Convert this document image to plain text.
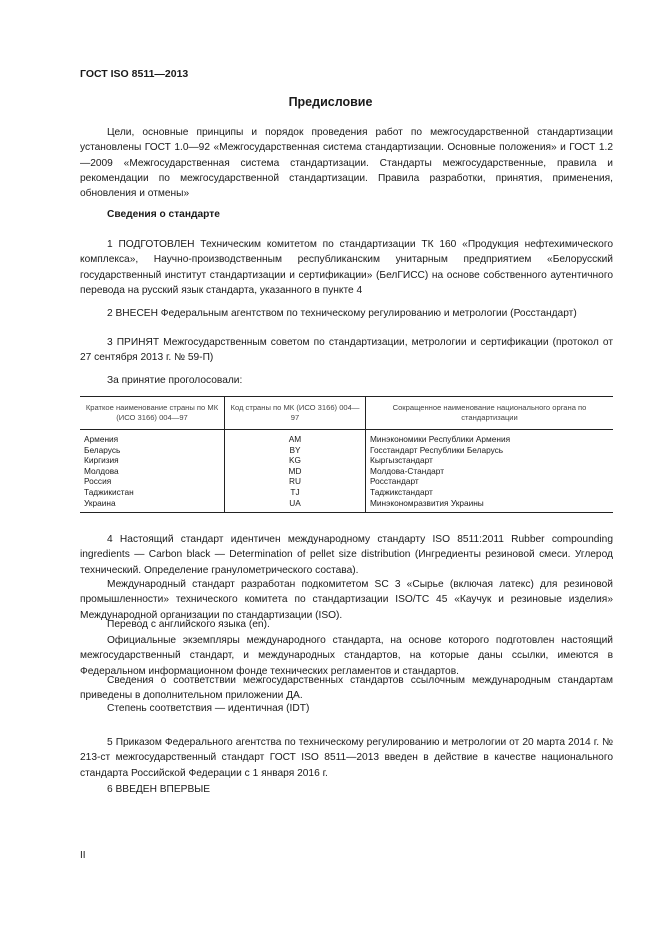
ГОСТ ISO 8511—2013
Предисловие

Цели, основные принципы и порядок проведения работ по межгосударственной стандартизации установлены ГОСТ 1.0—92 «Межгосударственная система стандартизации. Основные положения» и ГОСТ 1.2—2009 «Межгосударственная система стандартизации. Стандарты межгосударственные, правила и рекомендации по межгосударственной стандартизации. Правила разработки, принятия, применения, обновления и отмены»

Сведения о стандарте

1 ПОДГОТОВЛЕН Техническим комитетом по стандартизации ТК 160 «Продукция нефтехимического комплекса», Научно-производственным республиканским унитарным предприятием «Белорусский государственный институт стандартизации и сертификации» (БелГИСС) на основе собственного аутентичного перевода на русский язык стандарта, указанного в пункте 4

2 ВНЕСЕН Федеральным агентством по техническому регулированию и метрологии (Росстандарт)

3 ПРИНЯТ Межгосударственным советом по стандартизации, метрологии и сертификации (протокол от 27 сентября 2013 г. № 59-П)

За принятие проголосовали:
Краткое наименование страны по МК (ИСО 3166) 004—97	Код страны по МК (ИСО 3166) 004—97	Сокращенное наименование национального органа по стандартизации
Армения	AM	Минэкономики Республики Армения
Беларусь	BY	Госстандарт Республики Беларусь
Киргизия	KG	Кыргызстандарт
Молдова	MD	Молдова-Стандарт
Россия	RU	Росстандарт
Таджикистан	TJ	Таджикстандарт
Украина	UA	Минэкономразвития Украины

4 Настоящий стандарт идентичен международному стандарту ISO 8511:2011 Rubber compounding ingredients — Carbon black — Determination of pellet size distribution (Ингредиенты резиновой смеси. Углерод технический. Определение гранулометрического состава).

Международный стандарт разработан подкомитетом SC 3 «Сырье (включая латекс) для резиновой промышленности» технического комитета по стандартизации ISO/TC 45 «Каучук и резиновые изделия» Международной организации по стандартизации (ISO).

Перевод с английского языка (en).

Официальные экземпляры международного стандарта, на основе которого подготовлен настоящий межгосударственный стандарт, и международных стандартов, на которые даны ссылки, имеются в Федеральном информационном фонде технических регламентов и стандартов.

Сведения о соответствии межгосударственных стандартов ссылочным международным стандартам приведены в дополнительном приложении ДА.

Степень соответствия — идентичная (IDT)

5 Приказом Федерального агентства по техническому регулированию и метрологии от 20 марта 2014 г. № 213-ст межгосударственный стандарт ГОСТ ISO 8511—2013 введен в действие в качестве национального стандарта Российской Федерации с 1 января 2016 г.

6 ВВЕДЕН ВПЕРВЫЕ

II
